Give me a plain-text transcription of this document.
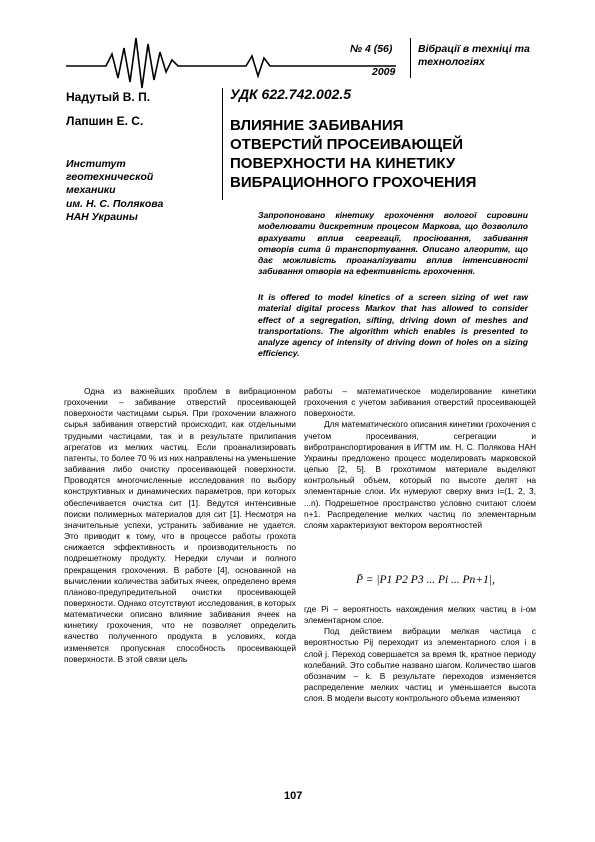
№ 4 (56)
2009
Вібрації в техніці та технологіях
Надутый В. П.
Лапшин Е. С.
Институт
геотехнической
механики
им. Н. С. Полякова
НАН Украины
УДК 622.742.002.5
ВЛИЯНИЕ ЗАБИВАНИЯ
ОТВЕРСТИЙ ПРОСЕИВАЮЩЕЙ
ПОВЕРХНОСТИ НА КИНЕТИКУ
ВИБРАЦИОННОГО ГРОХОЧЕНИЯ
Запропоновано кінетику грохочення вологої сировини моделювати дискретним процесом Маркова, що дозволило врахувати вплив сегрегації, просіювання, забивання отворів сита й транспортування. Описано алгоритм, що дає можливість проаналізувати вплив інтенсивності забивання отворів на ефективність грохочення.
It is offered to model kinetics of a screen sizing of wet raw material digital process Markov that has allowed to consider effect of a segregation, sifting, driving down of meshes and transportations. The algorithm which enables is presented to analyze agency of intensity of driving down of holes on a sizing efficiency.

Одна из важнейших проблем в вибрационном грохочении – забивание отверстий просеивающей поверхности частицами сырья. При грохочении влажного сырья забивания отверстий происходит, как отдельными трудными частицами, так и в результате прилипания агрегатов из мелких частиц. Если проанализировать патенты, то более 70 % из них направлены на уменьшение забивания либо очистку просеивающей поверхности. Проводятся многочисленные исследования по выбору конструктивных и динамических параметров, при которых обеспечивается очистка сит [1]. Ведутся интенсивные поиски полимерных материалов для сит [1]. Несмотря на значительные успехи, устранить забивание не удается. Это приводит к тому, что в процессе работы грохота снижается эффективность и производительность по подрешетному продукту. Нередки случаи и полного прекращения грохочения. В работе [4], основанной на вычислении количества забитых ячеек, определено время планово-предупредительной очистки просеивающей поверхности. Однако отсутствуют исследования, в которых математически описано влияние забивания ячеек на кинетику грохочения, что не позволяет определить качество полученного продукта в условиях, когда изменяется пропускная способность просеивающей поверхности. В этой связи цель

работы – математическое моделирование кинетики грохочения с учетом забивания отверстий просеивающей поверхности.

Для математического описания кинетики грохочения с учетом просеивания, сегрегации и вибротранспортирования в ИГТМ им. Н. С. Полякова НАН Украины предложено процесс моделировать марковской цепью [2, 5]. В грохотимом материале выделяют контрольный объем, который по высоте делят на элементарные слои. Их нумеруют сверху вниз i=(1, 2, 3, ...n). Подрешетное пространство условно считают слоем n+1. Распределение мелких частиц по элементарным слоям характеризуют вектором вероятностей

P̄ = |P1 P2 P3 ... Pi ... Pn+1|,

где Pi – вероятность нахождения мелких частиц в i-ом элементарном слое.

Под действием вибрации мелкая частица с вероятностью Pij переходит из элементарного слоя i в слой j. Переход совершается за время tk, кратное периоду колебаний. Это событие названо шагом. Количество шагов обозначим – k. В результате переходов изменяется распределение мелких частиц и уменьшается высота слоя. В модели высоту контрольного объема изменяют

107
